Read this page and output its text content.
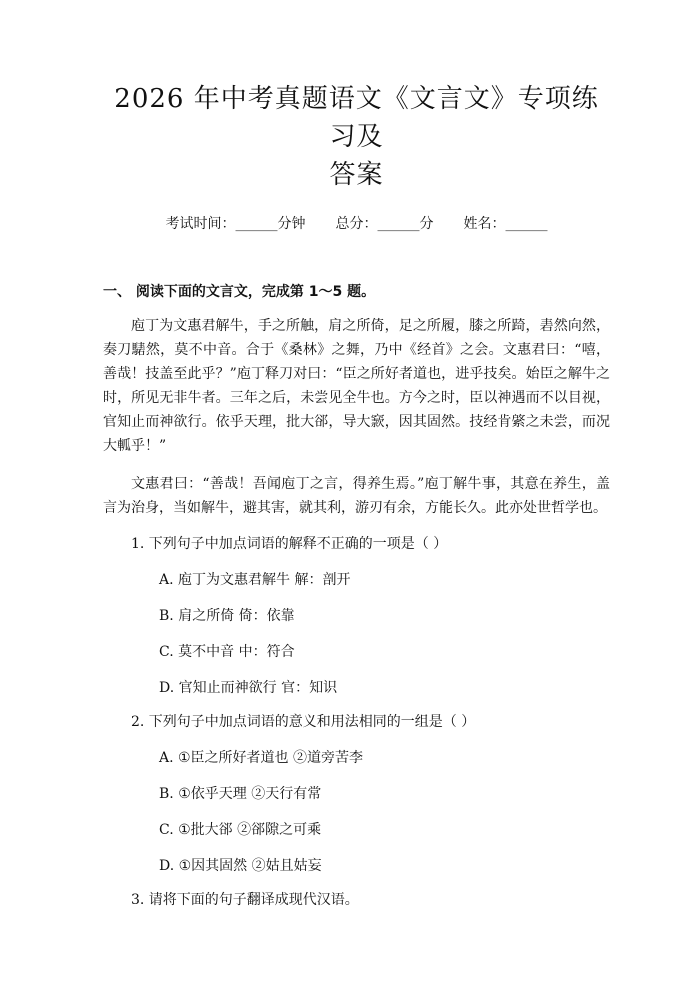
2026 年中考真题语文《文言文》专项练习及
答案
考试时间：______分钟 总分：______分 姓名：______
一、 阅读下面的文言文，完成第 1～5 题。

庖丁为文惠君解牛，手之所触，肩之所倚，足之所履，膝之所踦，砉然向然，奏刀騞然，莫不中音。合于《桑林》之舞，乃中《经首》之会。文惠君曰：“嘻，善哉！技盖至此乎？”庖丁释刀对曰：“臣之所好者道也，进乎技矣。始臣之解牛之时，所见无非牛者。三年之后，未尝见全牛也。方今之时，臣以神遇而不以目视，官知止而神欲行。依乎天理，批大郤，导大窾，因其固然。技经肯綮之未尝，而况大軱乎！”

文惠君曰：“善哉！吾闻庖丁之言，得养生焉。”庖丁解牛事，其意在养生，盖言为治身，当如解牛，避其害，就其利，游刃有余，方能长久。此亦处世哲学也。

1. 下列句子中加点词语的解释不正确的一项是（ ）
A. 庖丁为文惠君解牛 解：剖开
B. 肩之所倚 倚：依靠
C. 莫不中音 中：符合
D. 官知止而神欲行 官：知识
2. 下列句子中加点词语的意义和用法相同的一组是（ ）
A. ①臣之所好者道也 ②道旁苦李
B. ①依乎天理 ②天行有常
C. ①批大郤 ②郤隙之可乘
D. ①因其固然 ②姑且姑妄
3. 请将下面的句子翻译成现代汉语。
